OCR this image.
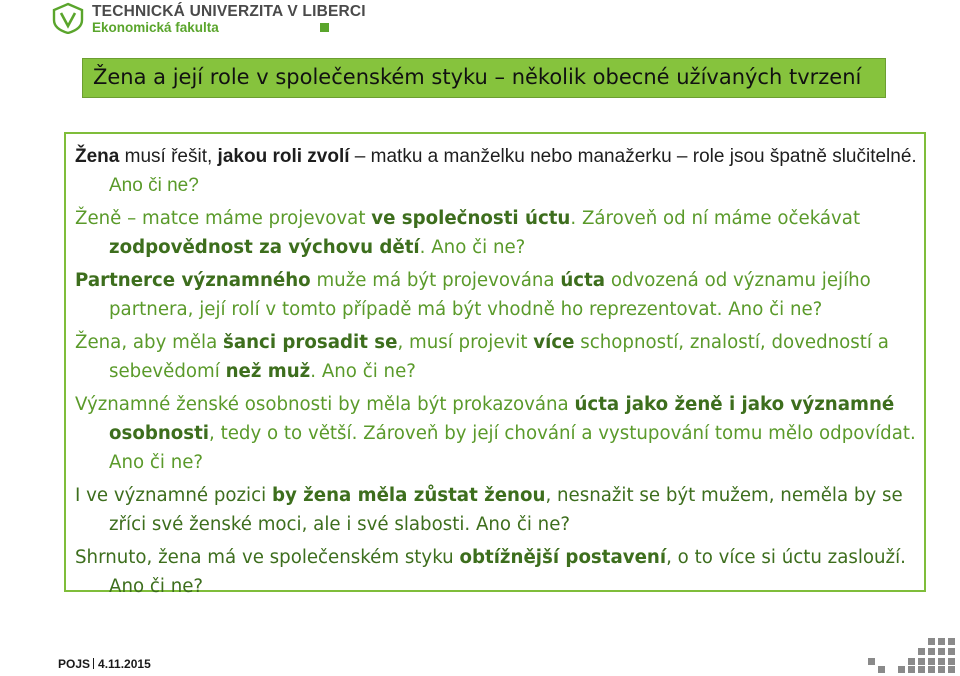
TECHNICKÁ UNIVERZITA V LIBERCI
Ekonomická fakulta
Žena a její role v společenském styku – několik obecné užívaných tvrzení
Žena musí řešit, jakou roli zvolí – matku a manželku nebo manažerku – role jsou špatně slučitelné. Ano či ne?
Ženě – matce máme projevovat ve společnosti úctu. Zároveň od ní máme očekávat zodpovědnost za výchovu dětí. Ano či ne?
Partnerce významného muže má být projevována úcta odvozená od významu jejího partnera, její rolí v tomto případě má být vhodně ho reprezentovat. Ano či ne?
Žena, aby měla šanci prosadit se, musí projevit více schopností, znalostí, dovedností a sebevědomí než muž. Ano či ne?
Významné ženské osobnosti by měla být prokazována úcta jako ženě i jako významné osobnosti, tedy o to větší. Zároveň by její chování a vystupování tomu mělo odpovídat. Ano či ne?
I ve významné pozici by žena měla zůstat ženou, nesnažit se být mužem, neměla by se zříci své ženské moci, ale i své slabosti. Ano či ne?
Shrnuto, žena má ve společenském styku obtížnější postavení, o to více si úctu zaslouží. Ano či ne?
POJS 4.11.2015
